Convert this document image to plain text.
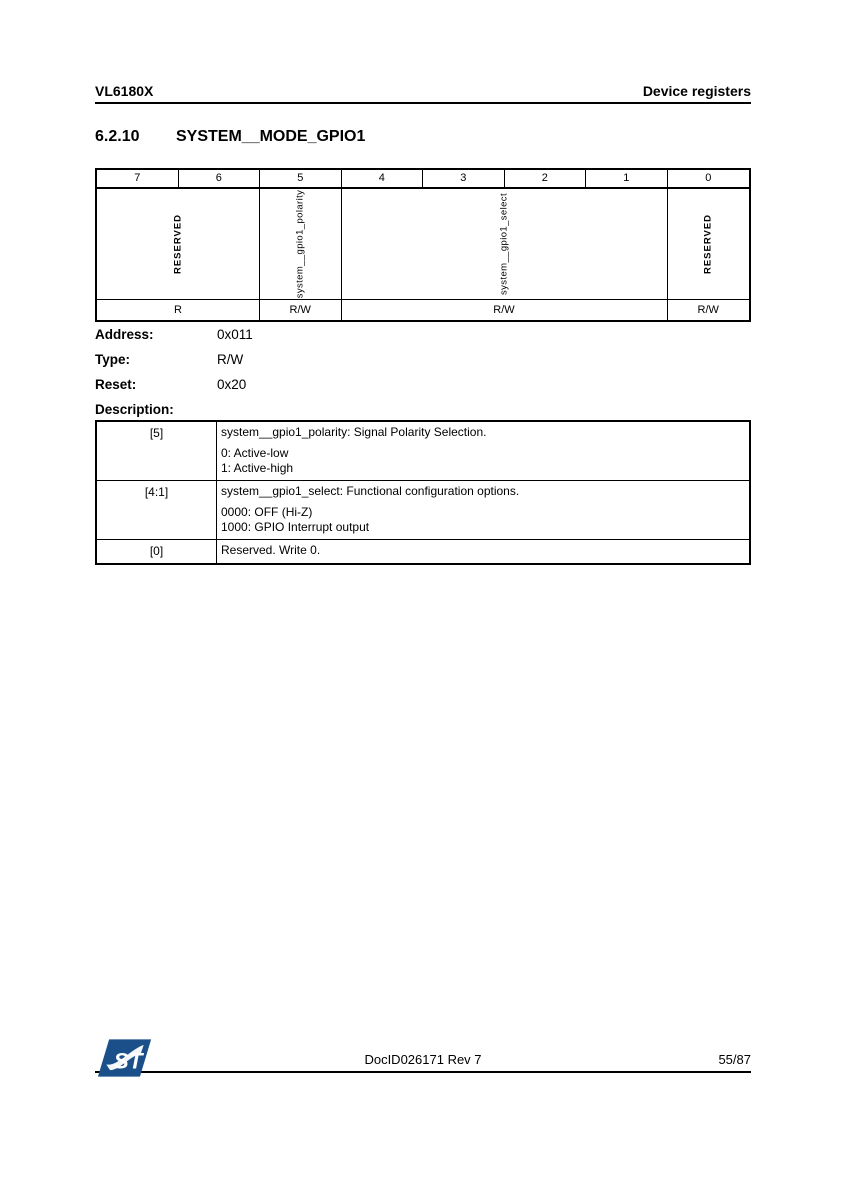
VL6180X	Device registers
6.2.10 SYSTEM__MODE_GPIO1
7	6	5	4	3	2	1	0
RESERVED	system__gpio1_polarity	system__gpio1_select	RESERVED
R	R/W	R/W	R/W
Address:	0x011
Type:	R/W
Reset:	0x20
Description:
[5]	system__gpio1_polarity: Signal Polarity Selection.
0: Active-low
1: Active-high
[4:1]	system__gpio1_select: Functional configuration options.
0000: OFF (Hi-Z)
1000: GPIO Interrupt output
[0]	Reserved. Write 0.
ST	DocID026171 Rev 7	55/87
